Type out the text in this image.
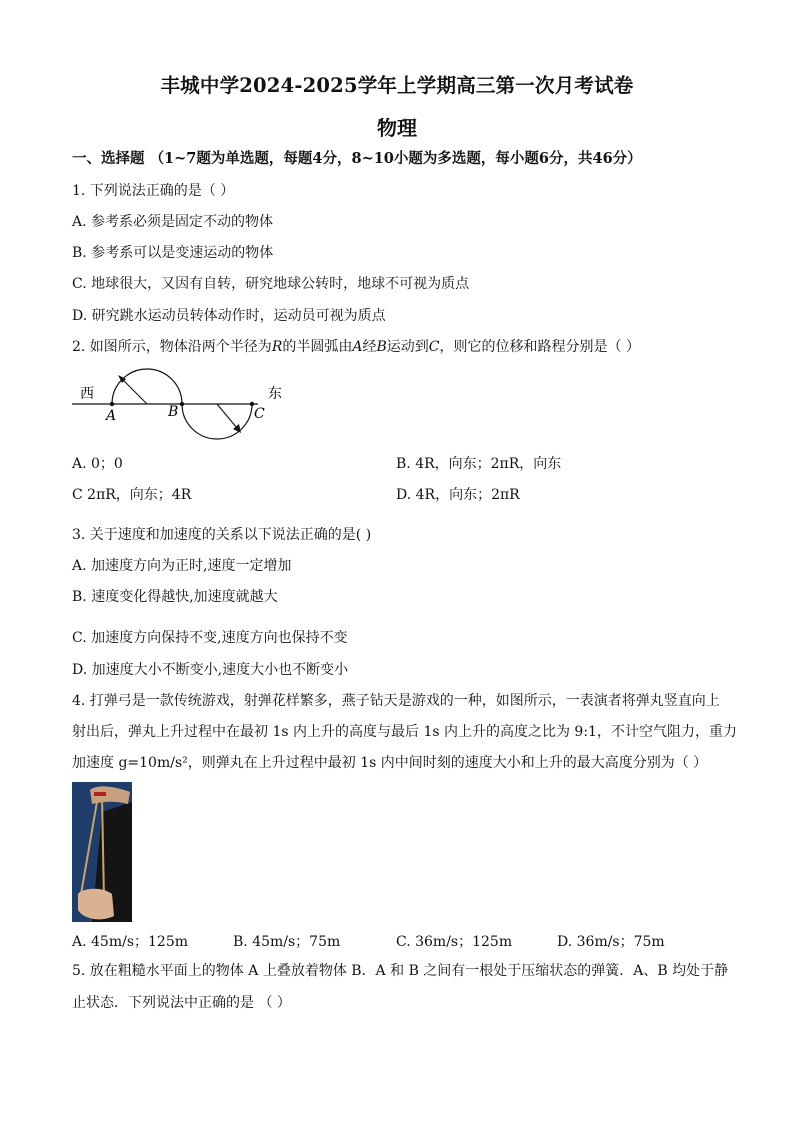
丰城中学2024-2025学年上学期高三第一次月考试卷
物理
一、选择题 （1~7题为单选题，每题4分，8~10小题为多选题，每小题6分，共46分）
1. 下列说法正确的是（ ）
A. 参考系必须是固定不动的物体
B. 参考系可以是变速运动的物体
C. 地球很大，又因有自转，研究地球公转时，地球不可视为质点
D. 研究跳水运动员转体动作时，运动员可视为质点
2. 如图所示，物体沿两个半径为R的半圆弧由A经B运动到C，则它的位移和路程分别是（ ）
西	东
A	B	C
A. 0；0	B. 4R，向东；2πR，向东
C 2πR，向东；4R	D. 4R，向东；2πR
3. 关于速度和加速度的关系以下说法正确的是( )
A. 加速度方向为正时,速度一定增加
B. 速度变化得越快,加速度就越大
C. 加速度方向保持不变,速度方向也保持不变
D. 加速度大小不断变小,速度大小也不断变小
4. 打弹弓是一款传统游戏，射弹花样繁多，燕子钻天是游戏的一种，如图所示，一表演者将弹丸竖直向上
射出后，弹丸上升过程中在最初 1s 内上升的高度与最后 1s 内上升的高度之比为 9:1，不计空气阻力，重力
加速度 g=10m/s²，则弹丸在上升过程中最初 1s 内中间时刻的速度大小和上升的最大高度分别为（ ）
A. 45m/s；125m	B. 45m/s；75m	C. 36m/s；125m	D. 36m/s；75m
5. 放在粗糙水平面上的物体 A 上叠放着物体 B．A 和 B 之间有一根处于压缩状态的弹簧．A、B 均处于静
止状态．下列说法中正确的是 （ ）
